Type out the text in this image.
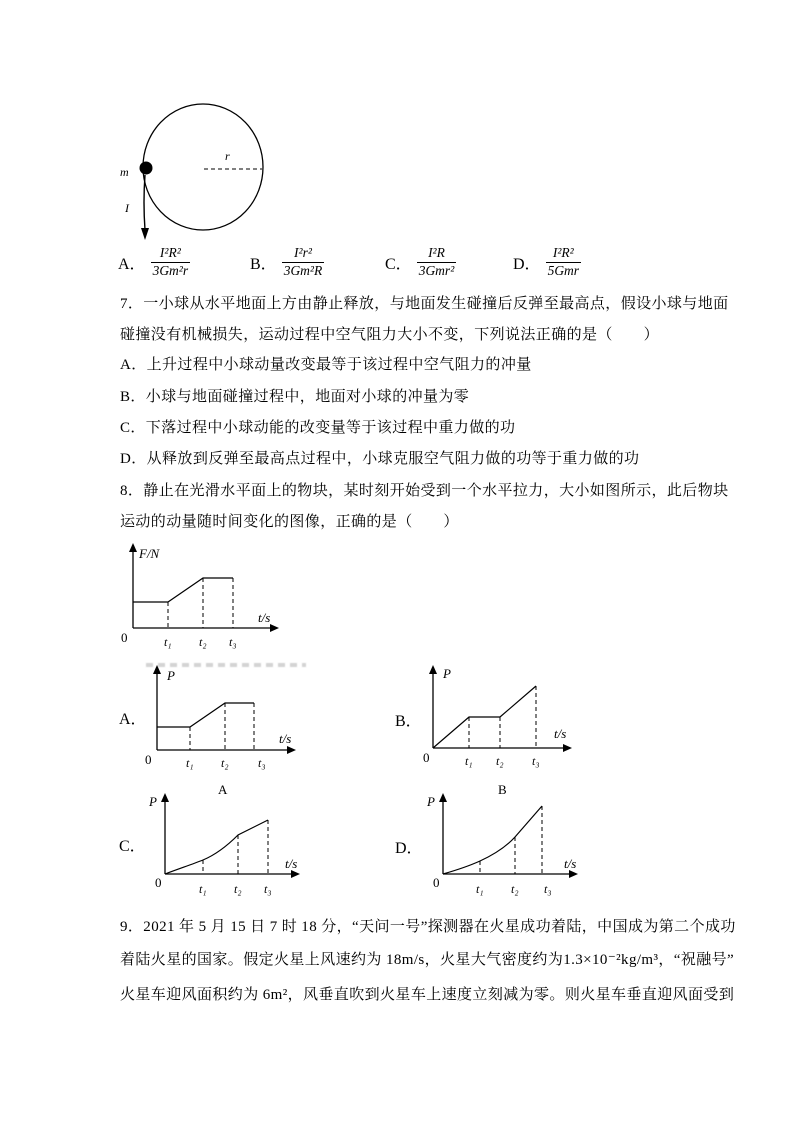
m
I
r
A． $\frac{\text{I²R²}}{\text{3Gm²r}}$	B． $\frac{\text{I²r²}}{\text{3Gm²R}}$	C． $\frac{\text{I²R}}{\text{3Gmr²}}$	D． $\frac{\text{I²R²}}{\text{5Gmr}}$
7．一小球从水平地面上方由静止释放，与地面发生碰撞后反弹至最高点，假设小球与地面
碰撞没有机械损失，运动过程中空气阻力大小不变，下列说法正确的是（　　）
A．上升过程中小球动量改变最等于该过程中空气阻力的冲量
B．小球与地面碰撞过程中，地面对小球的冲量为零
C．下落过程中小球动能的改变量等于该过程中重力做的功
D．从释放到反弹至最高点过程中，小球克服空气阻力做的功等于重力做的功
8．静止在光滑水平面上的物块，某时刻开始受到一个水平拉力，大小如图所示，此后物块
运动的动量随时间变化的图像，正确的是（　　）
F/N
0	t₁ t₂ t₃
t/s
A．
P
0	t₁ t₂ t₃
t/s
B．
P
0	t₁ t₂ t₃
t/s
A	B
C．
P
0	t₁ t₂ t₃
t/s
D．
P
0	t₁ t₂ t₃
t/s
9．2021 年 5 月 15 日 7 时 18 分，“天问一号”探测器在火星成功着陆，中国成为第二个成功
着陆火星的国家。假定火星上风速约为 18m/s，火星大气密度约为1.3×10⁻²kg/m³，“祝融号”
火星车迎风面积约为 6m²，风垂直吹到火星车上速度立刻减为零。则火星车垂直迎风面受到
